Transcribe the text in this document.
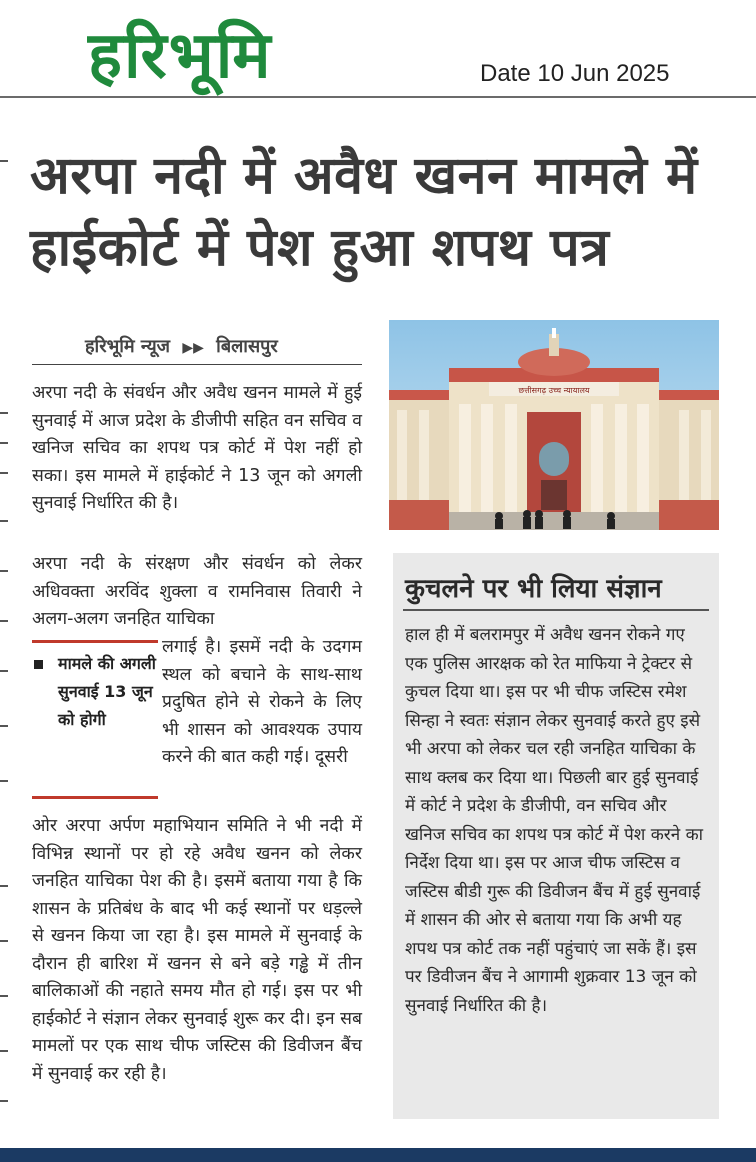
हरिभूमि	Date 10 Jun 2025
अरपा नदी में अवैध खनन मामले में हाईकोर्ट में पेश हुआ शपथ पत्र
हरिभूमि न्यूज ▶▶ बिलासपुर

अरपा नदी के संवर्धन और अवैध खनन मामले में हुई सुनवाई में आज प्रदेश के डीजीपी सहित वन सचिव व खनिज सचिव का शपथ पत्र कोर्ट में पेश नहीं हो सका। इस मामले में हाईकोर्ट ने 13 जून को अगली सुनवाई निर्धारित की है।

अरपा नदी के संरक्षण और संवर्धन को लेकर अधिवक्ता अरविंद शुक्ला व रामनिवास तिवारी ने अलग-अलग जनहित याचिका

मामले की अगली सुनवाई 13 जून को होगी

लगाई है। इसमें नदी के उदगम स्थल को बचाने के साथ-साथ प्रदुषित होने से रोकने के लिए भी शासन को आवश्यक उपाय करने की बात कही गई। दूसरी

ओर अरपा अर्पण महाभियान समिति ने भी नदी में विभिन्न स्थानों पर हो रहे अवैध खनन को लेकर जनहित याचिका पेश की है। इसमें बताया गया है कि शासन के प्रतिबंध के बाद भी कई स्थानों पर धड़ल्ले से खनन किया जा रहा है। इस मामले में सुनवाई के दौरान ही बारिश में खनन से बने बड़े गड्ढे में तीन बालिकाओं की नहाते समय मौत हो गई। इस पर भी हाईकोर्ट ने संज्ञान लेकर सुनवाई शुरू कर दी। इन सब मामलों पर एक साथ चीफ जस्टिस की डिवीजन बैंच में सुनवाई कर रही है।

छत्तीसगढ़ उच्च न्यायालय
कुचलने पर भी लिया संज्ञान

हाल ही में बलरामपुर में अवैध खनन रोकने गए एक पुलिस आरक्षक को रेत माफिया ने ट्रेक्टर से कुचल दिया था। इस पर भी चीफ जस्टिस रमेश सिन्हा ने स्वतः संज्ञान लेकर सुनवाई करते हुए इसे भी अरपा को लेकर चल रही जनहित याचिका के साथ क्लब कर दिया था। पिछली बार हुई सुनवाई में कोर्ट ने प्रदेश के डीजीपी, वन सचिव और खनिज सचिव का शपथ पत्र कोर्ट में पेश करने का निर्देश दिया था। इस पर आज चीफ जस्टिस व जस्टिस बीडी गुरू की डिवीजन बैंच में हुई सुनवाई में शासन की ओर से बताया गया कि अभी यह शपथ पत्र कोर्ट तक नहीं पहुंचाएं जा सकें हैं। इस पर डिवीजन बैंच ने आगामी शुक्रवार 13 जून को सुनवाई निर्धारित की है।
